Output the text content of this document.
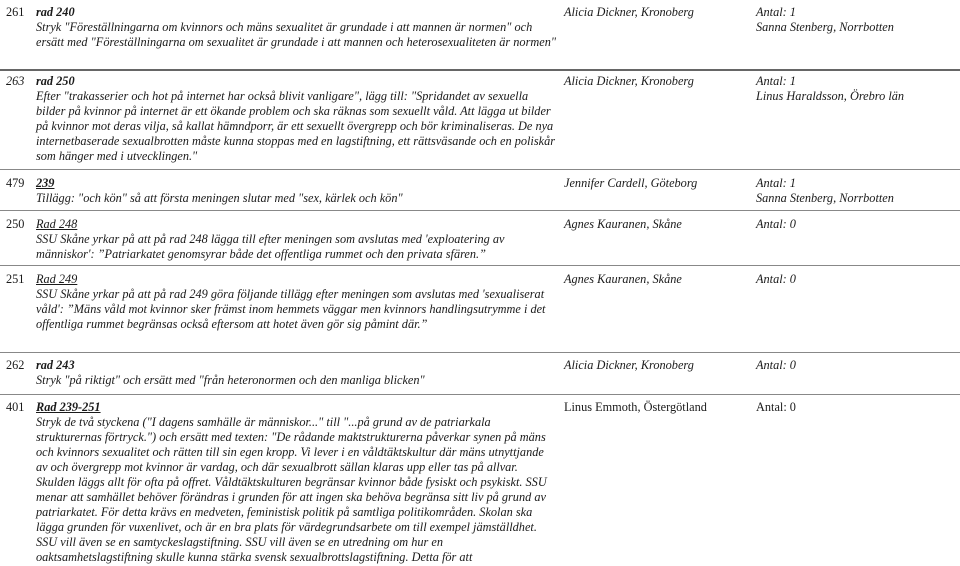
261 rad 240
Stryk "Föreställningarna om kvinnors och mäns sexualitet är grundade i att mannen är normen" och ersätt med "Föreställningarna om sexualitet är grundade i att mannen och heterosexualiteten är normen"
Alicia Dickner, Kronoberg	Antal: 1
Sanna Stenberg, Norrbotten
263 rad 250
Efter "trakasserier och hot på internet har också blivit vanligare", lägg till: "Spridandet av sexuella bilder på kvinnor på internet är ett ökande problem och ska räknas som sexuellt våld. Att lägga ut bilder på kvinnor mot deras vilja, så kallat hämndporr, är ett sexuellt övergrepp och bör kriminaliseras. De nya internetbaserade sexualbrotten måste kunna stoppas med en lagstiftning, ett rättsväsande och en poliskår som hänger med i utvecklingen."
Alicia Dickner, Kronoberg	Antal: 1
Linus Haraldsson, Örebro län
479 239
Tillägg: "och kön" så att första meningen slutar med "sex, kärlek och kön"
Jennifer Cardell, Göteborg	Antal: 1
Sanna Stenberg, Norrbotten
250 Rad 248
SSU Skåne yrkar på att på rad 248 lägga till efter meningen som avslutas med 'exploatering av människor': ”Patriarkatet genomsyrar både det offentliga rummet och den privata sfären.”
Agnes Kauranen, Skåne	Antal: 0
251 Rad 249
SSU Skåne yrkar på att på rad 249 göra följande tillägg efter meningen som avslutas med 'sexualiserat våld': ”Mäns våld mot kvinnor sker främst inom hemmets väggar men kvinnors handlingsutrymme i det offentliga rummet begränsas också eftersom att hotet även gör sig påmint där.”
Agnes Kauranen, Skåne	Antal: 0
262 rad 243
Stryk "på riktigt" och ersätt med "från heteronormen och den manliga blicken"
Alicia Dickner, Kronoberg	Antal: 0
401 Rad 239-251
Stryk de två styckena ("I dagens samhälle är människor..." till "...på grund av de patriarkala strukturernas förtryck.") och ersätt med texten: "De rådande maktstrukturerna påverkar synen på mäns och kvinnors sexualitet och rätten till sin egen kropp. Vi lever i en våldtäktskultur där mäns utnyttjande av och övergrepp mot kvinnor är vardag, och där sexualbrott sällan klaras upp eller tas på allvar. Skulden läggs allt för ofta på offret. Våldtäktskulturen begränsar kvinnor både fysiskt och psykiskt. SSU menar att samhället behöver förändras i grunden för att ingen ska behöva begränsa sitt liv på grund av patriarkatet. För detta krävs en medveten, feministisk politik på samtliga politikområden. Skolan ska lägga grunden för vuxenlivet, och är en bra plats för värdegrundsarbete om till exempel jämställdhet. SSU vill även se en samtyckeslagstiftning. SSU vill även se en utredning om hur en oaktsamhetslagstiftning skulle kunna stärka svensk sexualbrottslagstiftning. Detta för att
Linus Emmoth, Östergötland	Antal: 0
